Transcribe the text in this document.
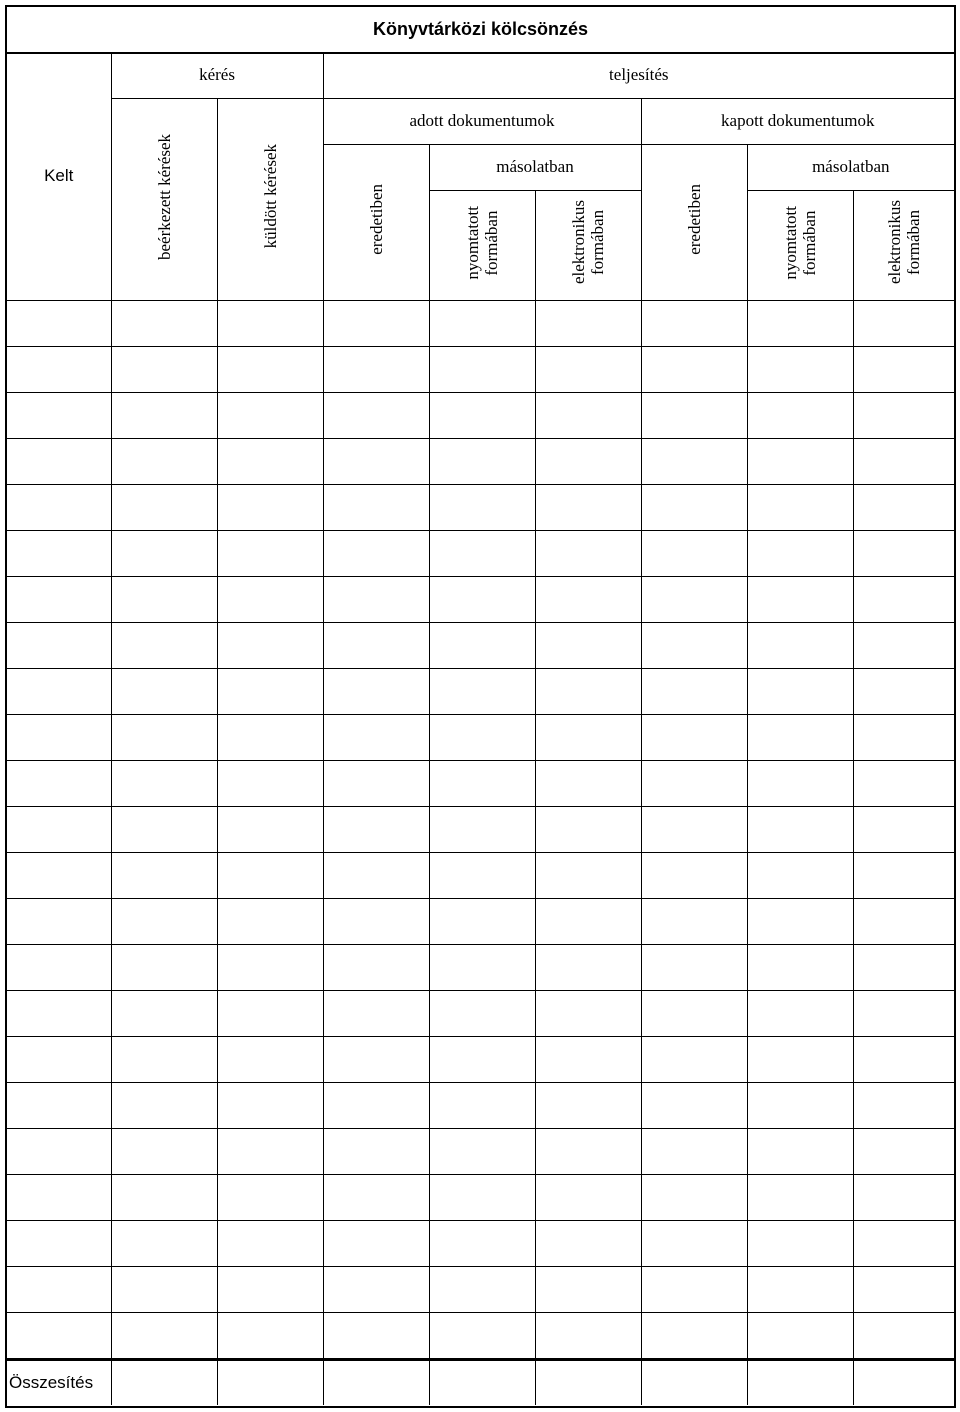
Könyvtárközi kölcsönzés
Kelt	kérés		teljesítés					
	beérkezett kérések	küldött kérések	adott dokumentumok			kapott dokumentumok		
			eredetiben	másolatban		eredetiben	másolatban	

				nyomtatott formában	elektronikus formában		nyomtatott formában	elektronikus formában

Összesítés								
